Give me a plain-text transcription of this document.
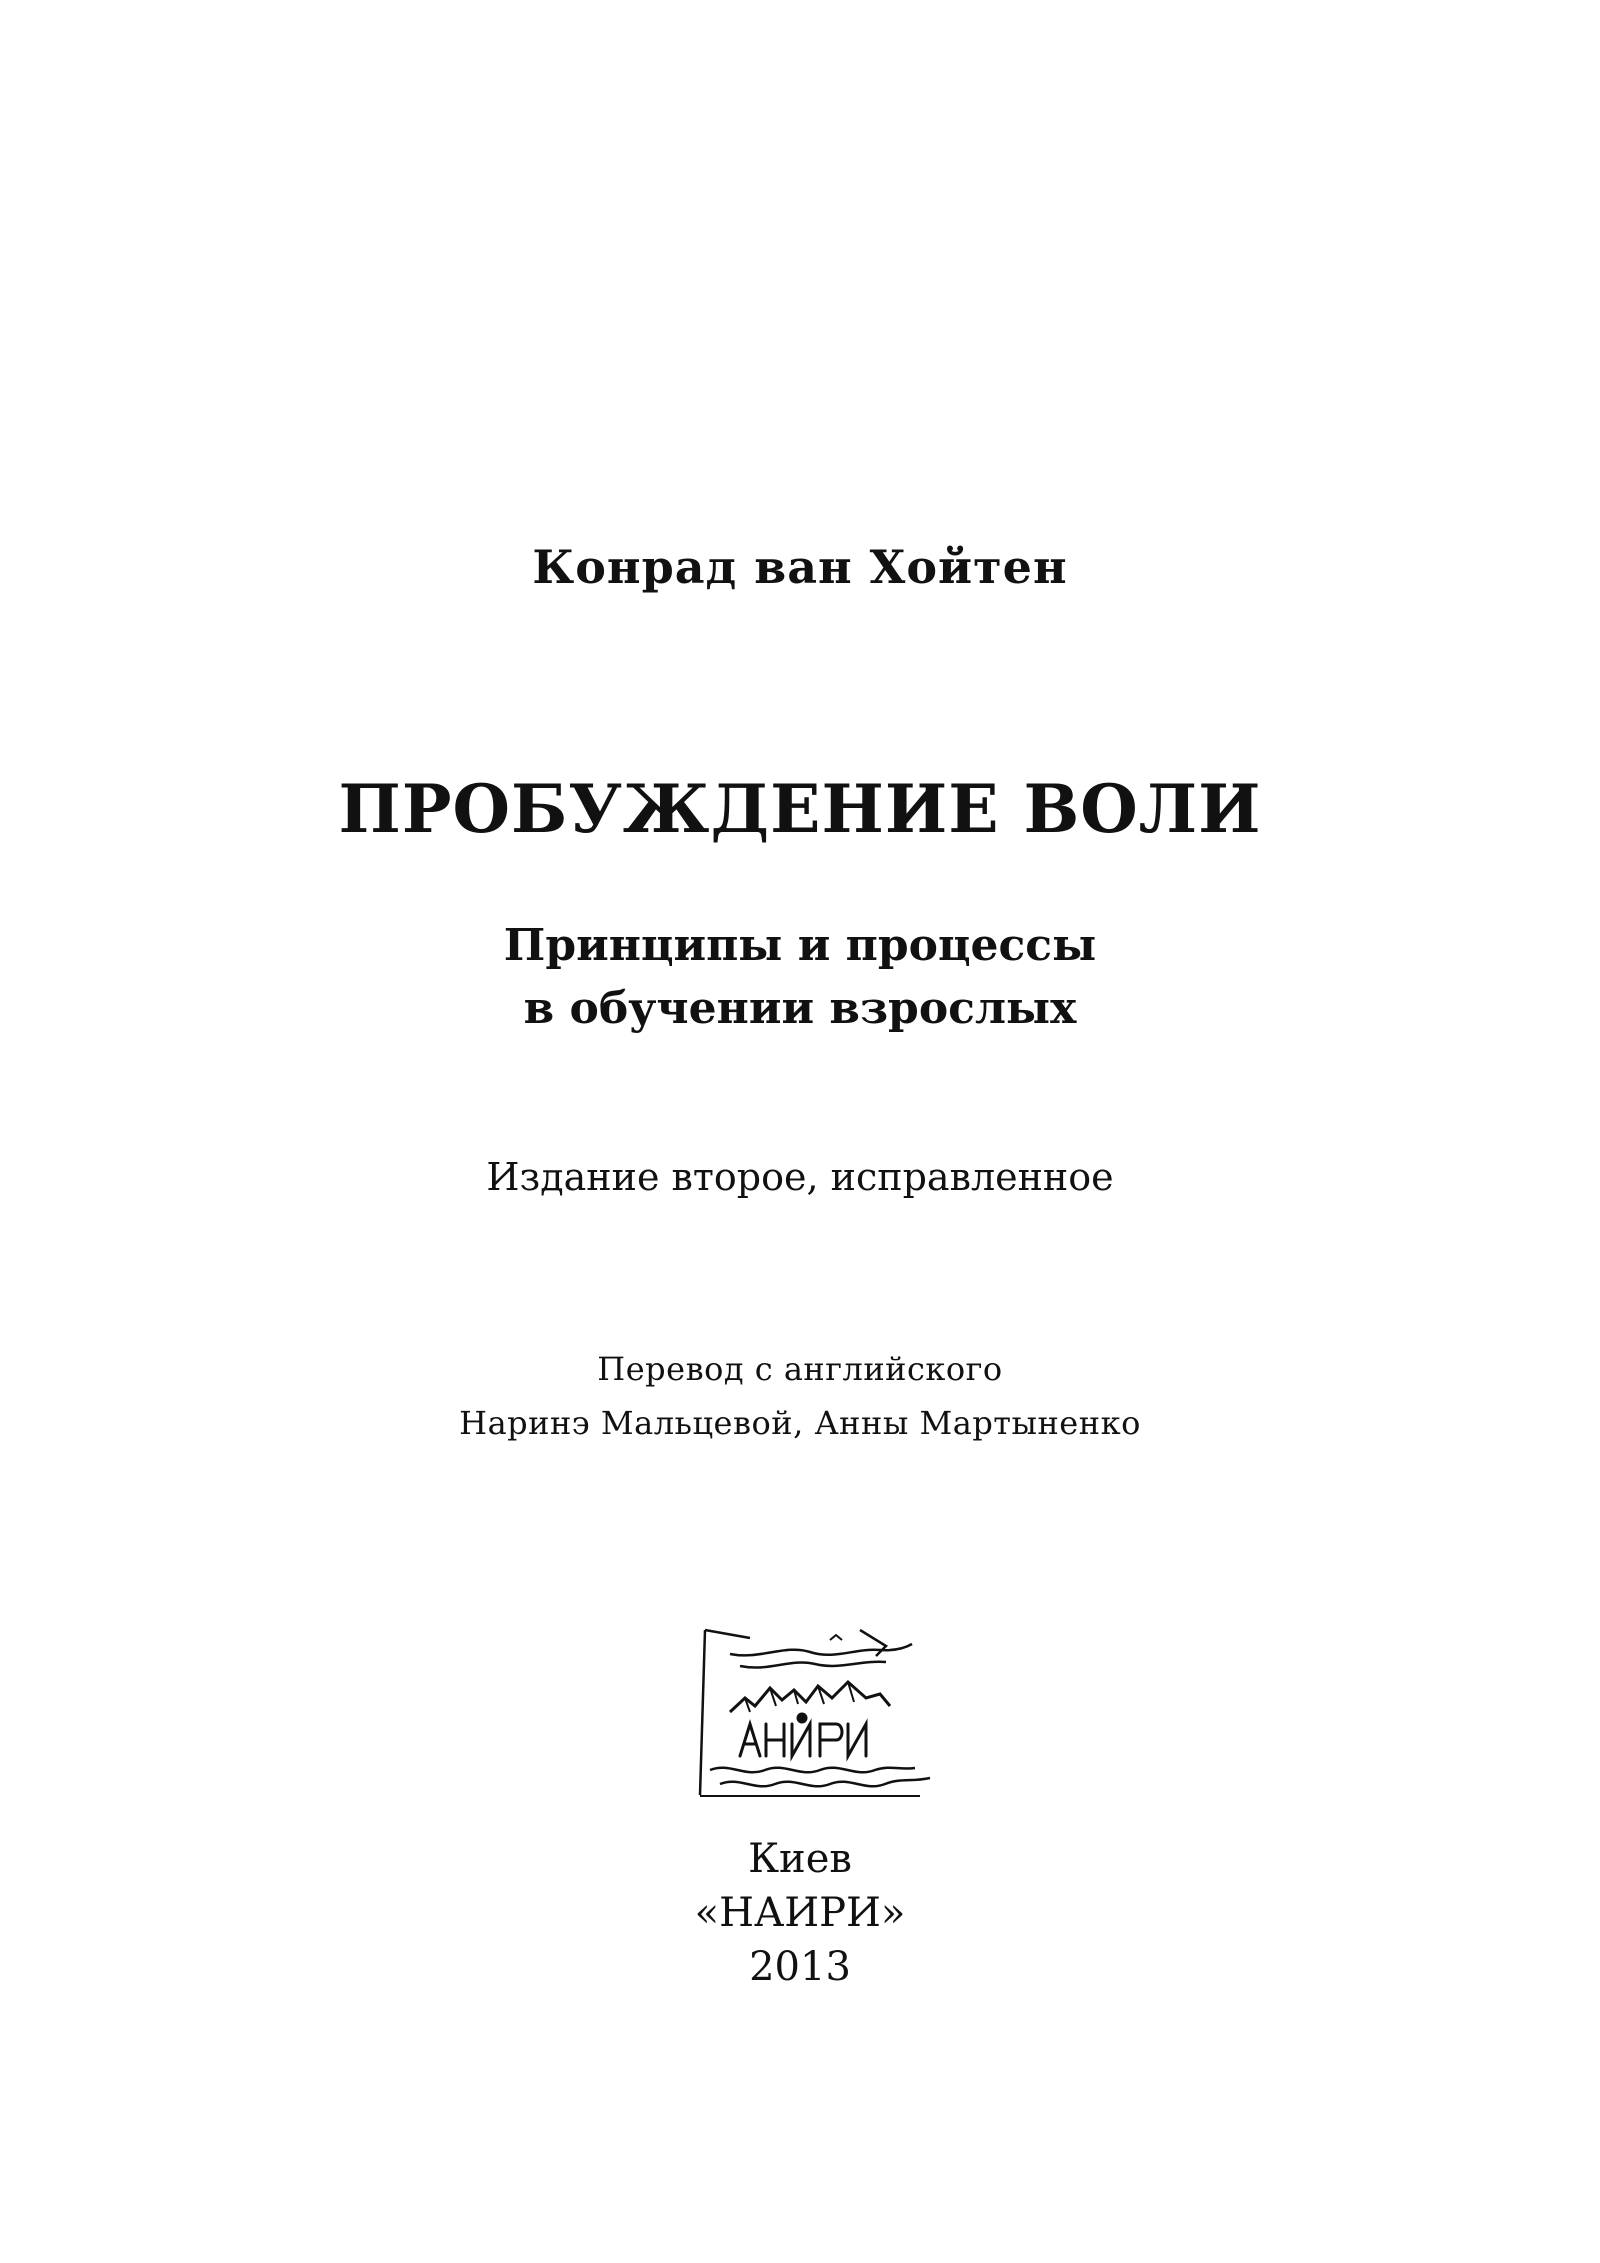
Конрад ван Хойтен
ПРОБУЖДЕНИЕ ВОЛИ
Принципы и процессы
в обучении взрослых
Издание второе, исправленное
Перевод с английского
Наринэ Мальцевой, Анны Мартыненко
Киев
«НАИРИ»
2013
